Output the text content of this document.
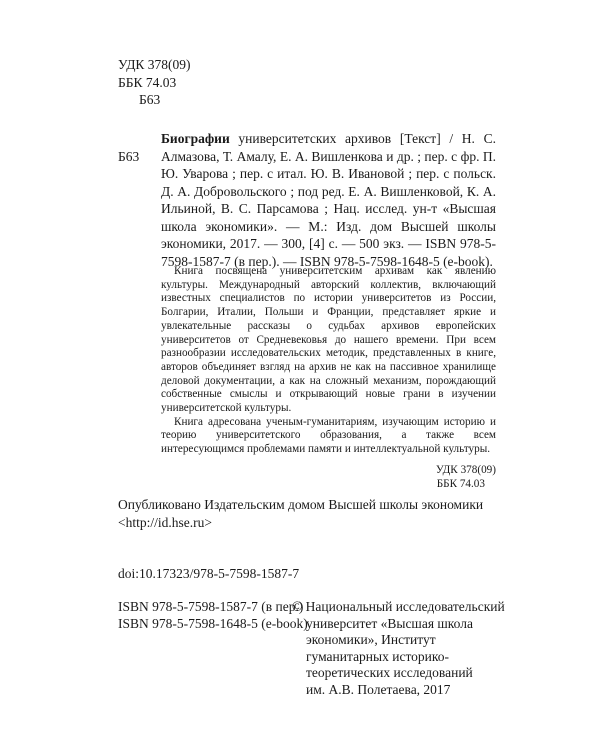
УДК 378(09)
ББК 74.03
Б63
Б63
Биографии университетских архивов [Текст] / Н. С. Алмазова, Т. Амалу, Е. А. Вишленкова и др. ; пер. с фр. П. Ю. Уварова ; пер. с итал. Ю. В. Ивановой ; пер. с польск. Д. А. Добровольского ; под ред. Е. А. Вишленковой, К. А. Ильиной, В. С. Парсамова ; Нац. исслед. ун-т «Высшая школа экономики». — М.: Изд. дом Высшей школы экономики, 2017. — 300, [4] с. — 500 экз. — ISBN 978-5-7598-1587-7 (в пер.). — ISBN 978-5-7598-1648-5 (e-book).

Книга посвящена университетским архивам как явлению культуры. Международный авторский коллектив, включающий известных специалистов по истории университетов из России, Болгарии, Италии, Польши и Франции, представляет яркие и увлекательные рассказы о судьбах архивов европейских университетов от Средневековья до нашего времени. При всем разнообразии исследовательских методик, представленных в книге, авторов объединяет взгляд на архив не как на пассивное хранилище деловой документации, а как на сложный механизм, порождающий собственные смыслы и открывающий новые грани в изучении университетской культуры.

Книга адресована ученым-гуманитариям, изучающим историю и теорию университетского образования, а также всем интересующимся проблемами памяти и интеллектуальной культуры.

УДК 378(09)
ББК 74.03
Опубликовано Издательским домом Высшей школы экономики
<http://id.hse.ru>
doi:10.17323/978-5-7598-1587-7
ISBN 978-5-7598-1587-7 (в пер.)
ISBN 978-5-7598-1648-5 (e-book)
© Национальный исследовательский
университет «Высшая школа
экономики», Институт
гуманитарных историко-
теоретических исследований
им. А.В. Полетаева, 2017
